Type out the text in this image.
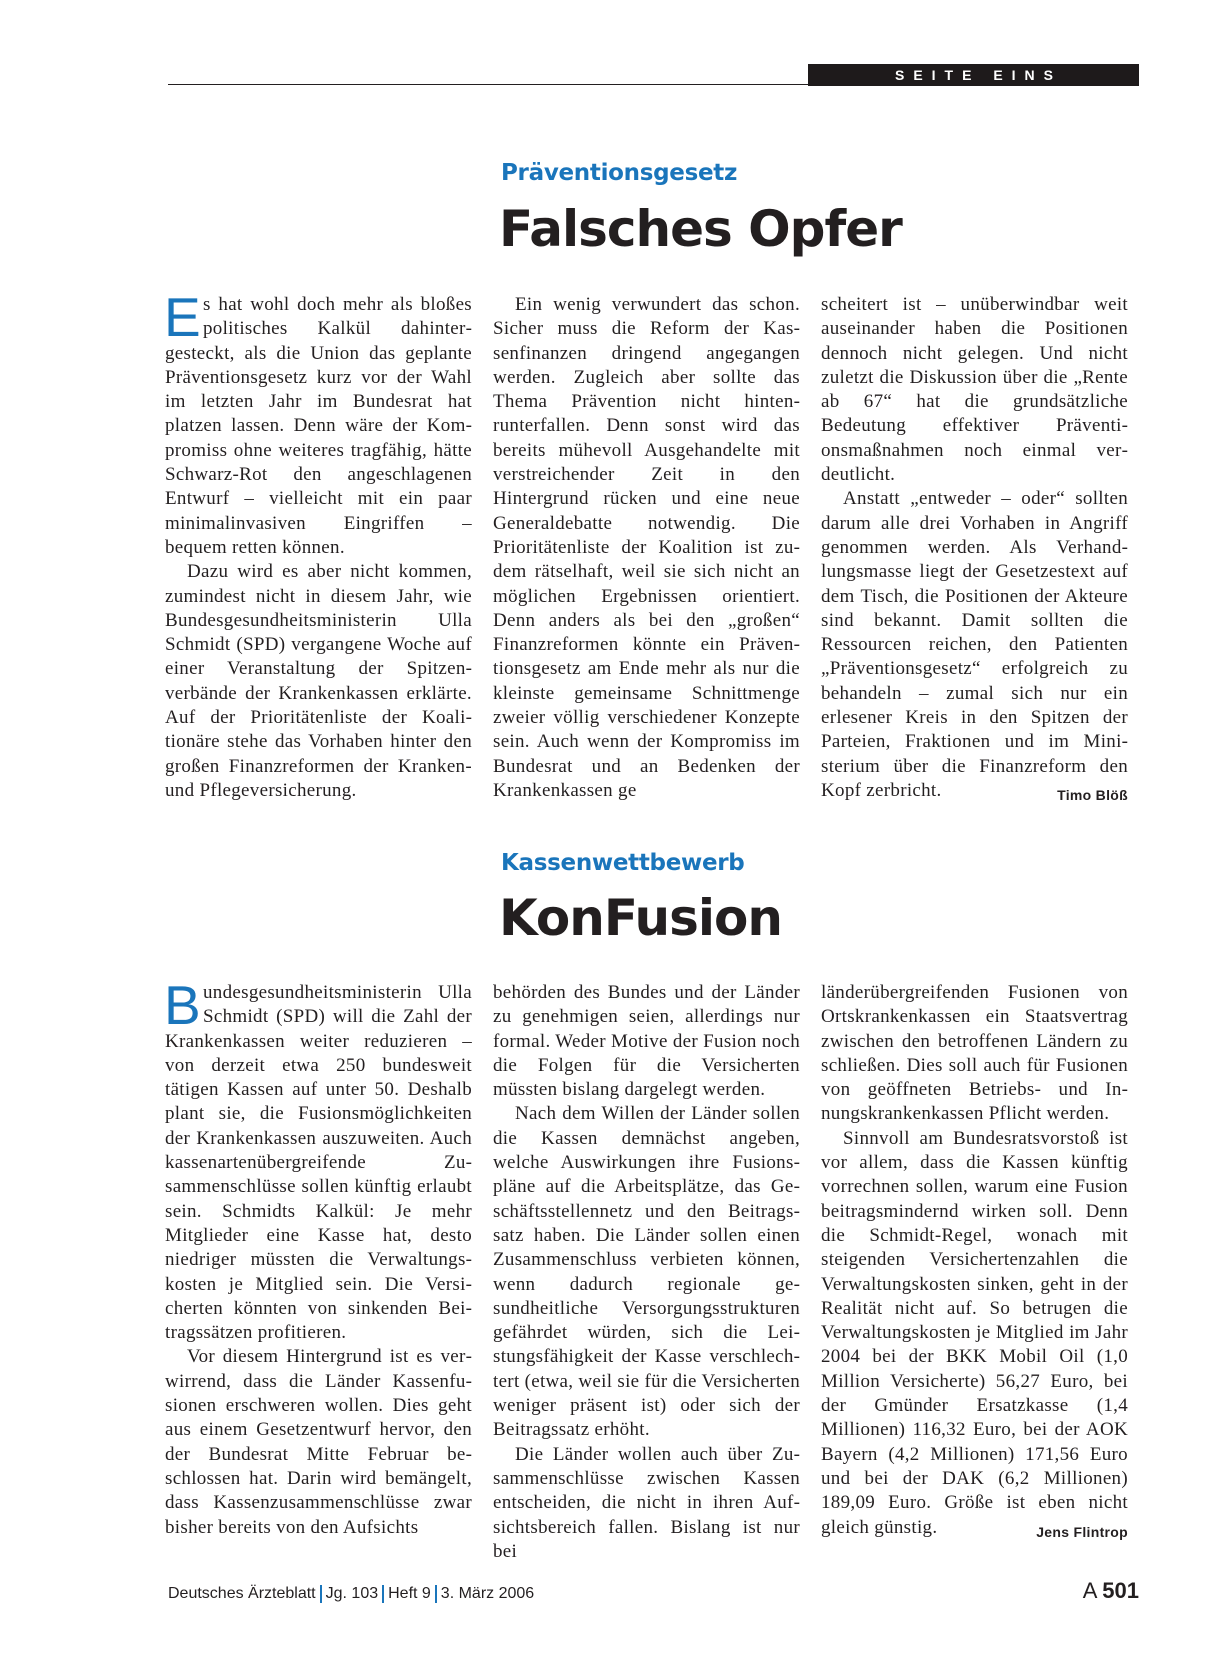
SEITE EINS
Präventionsgesetz
Falsches Opfer

Es hat wohl doch mehr als bloßes politisches Kalkül dahintergesteckt, als die Union das geplante Präventionsgesetz kurz vor der Wahl im letzten Jahr im Bundesrat hat platzen lassen. Denn wäre der Kompromiss ohne weiteres tragfähig, hätte Schwarz-Rot den angeschlagenen Entwurf – vielleicht mit ein paar minimalinvasiven Eingriffen – bequem retten können.

Dazu wird es aber nicht kommen, zumindest nicht in diesem Jahr, wie Bundesgesundheitsministerin Ulla Schmidt (SPD) vergangene Woche auf einer Veranstaltung der Spitzenverbände der Krankenkassen erklärte. Auf der Prioritätenliste der Koalitionäre stehe das Vorhaben hinter den großen Finanzreformen der Kranken- und Pflegeversicherung.

Ein wenig verwundert das schon. Sicher muss die Reform der Kassenfinanzen dringend angegangen werden. Zugleich aber sollte das Thema Prävention nicht hintenrunterfallen. Denn sonst wird das bereits mühevoll Ausgehandelte mit verstreichender Zeit in den Hintergrund rücken und eine neue Generaldebatte notwendig. Die Prioritätenliste der Koalition ist zudem rätselhaft, weil sie sich nicht an möglichen Ergebnissen orientiert. Denn anders als bei den „großen“ Finanzreformen könnte ein Präventionsgesetz am Ende mehr als nur die kleinste gemeinsame Schnittmenge zweier völlig verschiedener Konzepte sein. Auch wenn der Kompromiss im Bundesrat und an Bedenken der Krankenkassen ge

scheitert ist – unüberwindbar weit auseinander haben die Positionen dennoch nicht gelegen. Und nicht zuletzt die Diskussion über die „Rente ab 67“ hat die grundsätzliche Bedeutung effektiver Präventionsmaßnahmen noch einmal verdeutlicht.

Anstatt „entweder – oder“ sollten darum alle drei Vorhaben in Angriff genommen werden. Als Verhandlungsmasse liegt der Gesetzestext auf dem Tisch, die Positionen der Akteure sind bekannt. Damit sollten die Ressourcen reichen, den Patienten „Präventionsgesetz“ erfolgreich zu behandeln – zumal sich nur ein erlesener Kreis in den Spitzen der Parteien, Fraktionen und im Ministerium über die Finanzreform den Kopf zerbricht.	Timo Blöß

Kassenwettbewerb
KonFusion

Bundesgesundheitsministerin Ulla Schmidt (SPD) will die Zahl der Krankenkassen weiter reduzieren – von derzeit etwa 250 bundesweit tätigen Kassen auf unter 50. Deshalb plant sie, die Fusionsmöglichkeiten der Krankenkassen auszuweiten. Auch kassenartenübergreifende Zusammenschlüsse sollen künftig erlaubt sein. Schmidts Kalkül: Je mehr Mitglieder eine Kasse hat, desto niedriger müssten die Verwaltungskosten je Mitglied sein. Die Versicherten könnten von sinkenden Beitragssätzen profitieren.

Vor diesem Hintergrund ist es verwirrend, dass die Länder Kassenfusionen erschweren wollen. Dies geht aus einem Gesetzentwurf hervor, den der Bundesrat Mitte Februar beschlossen hat. Darin wird bemängelt, dass Kassenzusammenschlüsse zwar bisher bereits von den Aufsichts

behörden des Bundes und der Länder zu genehmigen seien, allerdings nur formal. Weder Motive der Fusion noch die Folgen für die Versicherten müssten bislang dargelegt werden.

Nach dem Willen der Länder sollen die Kassen demnächst angeben, welche Auswirkungen ihre Fusionspläne auf die Arbeitsplätze, das Geschäftsstellennetz und den Beitragssatz haben. Die Länder sollen einen Zusammenschluss verbieten können, wenn dadurch regionale gesundheitliche Versorgungsstrukturen gefährdet würden, sich die Leistungsfähigkeit der Kasse verschlechtert (etwa, weil sie für die Versicherten weniger präsent ist) oder sich der Beitragssatz erhöht.

Die Länder wollen auch über Zusammenschlüsse zwischen Kassen entscheiden, die nicht in ihren Aufsichtsbereich fallen. Bislang ist nur bei

länderübergreifenden Fusionen von Ortskrankenkassen ein Staatsvertrag zwischen den betroffenen Ländern zu schließen. Dies soll auch für Fusionen von geöffneten Betriebs- und Innungskrankenkassen Pflicht werden.

Sinnvoll am Bundesratsvorstoß ist vor allem, dass die Kassen künftig vorrechnen sollen, warum eine Fusion beitragsmindernd wirken soll. Denn die Schmidt-Regel, wonach mit steigenden Versichertenzahlen die Verwaltungskosten sinken, geht in der Realität nicht auf. So betrugen die Verwaltungskosten je Mitglied im Jahr 2004 bei der BKK Mobil Oil (1,0 Million Versicherte) 56,27 Euro, bei der Gmünder Ersatzkasse (1,4 Millionen) 116,32 Euro, bei der AOK Bayern (4,2 Millionen) 171,56 Euro und bei der DAK (6,2 Millionen) 189,09 Euro. Größe ist eben nicht gleich günstig.	Jens Flintrop

Deutsches Ärzteblatt Jg. 103 Heft 9 3. März 2006	A 501
